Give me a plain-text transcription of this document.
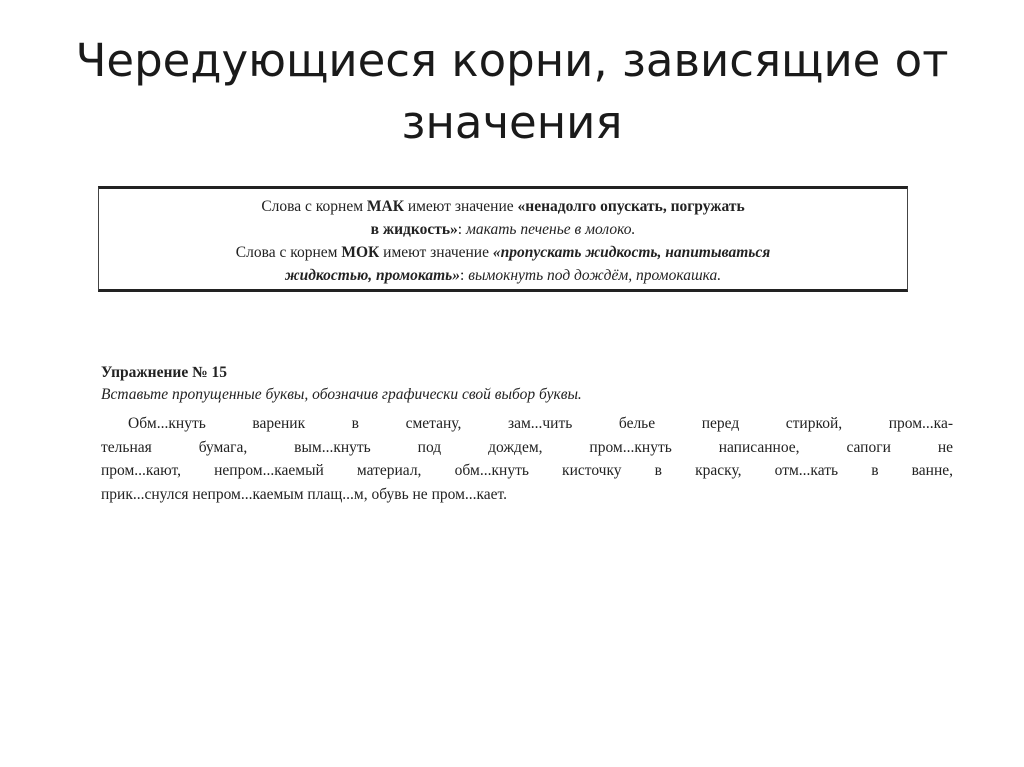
Чередующиеся корни, зависящие от
значения
Слова с корнем МАК имеют значение «ненадолго опускать, погружать
в жидкость»: макать печенье в молоко.
Слова с корнем МОК имеют значение «пропускать жидкость, напитываться
жидкостью, промокать»: вымокнуть под дождём, промокашка.
Упражнение № 15
Вставьте пропущенные буквы, обозначив графически свой выбор буквы.
Обм...кнуть вареник в сметану, зам...чить белье перед стиркой, пром...ка-
тельная бумага, вым...кнуть под дождем, пром...кнуть написанное, сапоги не
пром...кают, непром...каемый материал, обм...кнуть кисточку в краску, отм...кать в ванне,
прик...снулся непром...каемым плащ...м, обувь не пром...кает.
